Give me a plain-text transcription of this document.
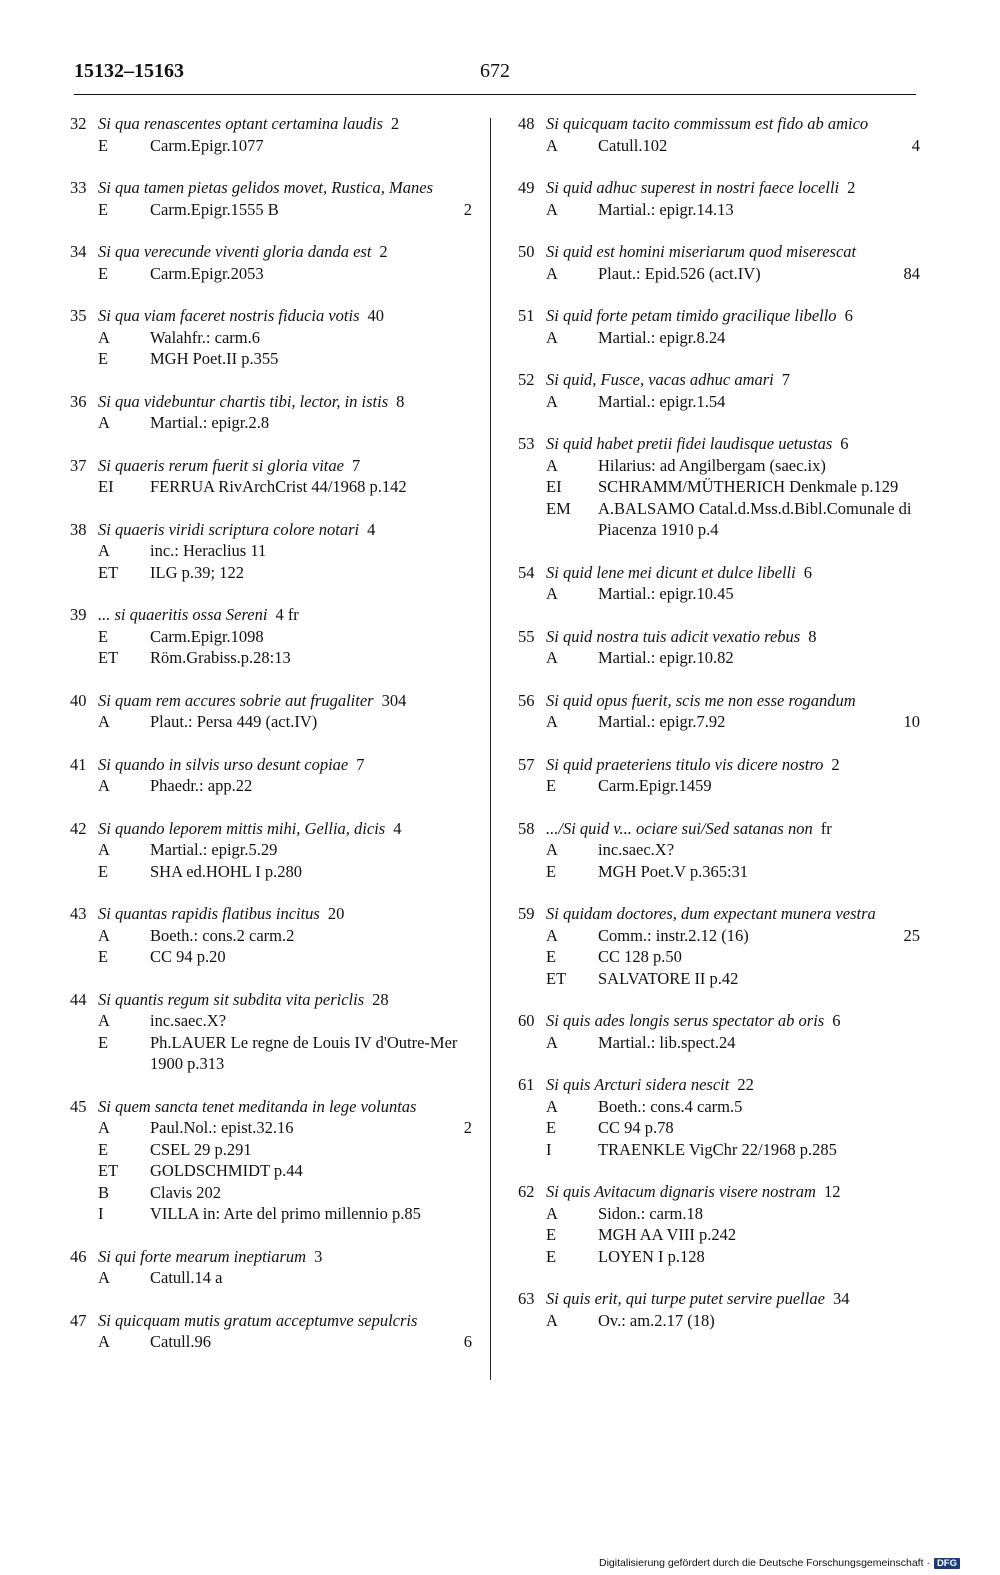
15132–15163	672
32 Si qua renascentes optant certamina laudis 2
E	Carm.Epigr.1077
33 Si qua tamen pietas gelidos movet, Rustica, Manes
E	Carm.Epigr.1555 B	2
34 Si qua verecunde viventi gloria danda est 2
E	Carm.Epigr.2053
35 Si qua viam faceret nostris fiducia votis 40
A	Walahfr.: carm.6
E	MGH Poet.II p.355
36 Si qua videbuntur chartis tibi, lector, in istis 8
A	Martial.: epigr.2.8
37 Si quaeris rerum fuerit si gloria vitae 7
EI	FERRUA RivArchCrist 44/1968 p.142
38 Si quaeris viridi scriptura colore notari 4
A	inc.: Heraclius 11
ET	ILG p.39; 122
39 ... si quaeritis ossa Sereni 4 fr
E	Carm.Epigr.1098
ET	Röm.Grabiss.p.28:13
40 Si quam rem accures sobrie aut frugaliter 304
A	Plaut.: Persa 449 (act.IV)
41 Si quando in silvis urso desunt copiae 7
A	Phaedr.: app.22
42 Si quando leporem mittis mihi, Gellia, dicis 4
A	Martial.: epigr.5.29
E	SHA ed.HOHL I p.280
43 Si quantas rapidis flatibus incitus 20
A	Boeth.: cons.2 carm.2
E	CC 94 p.20
44 Si quantis regum sit subdita vita periclis 28
A	inc.saec.X?
E	Ph.LAUER Le regne de Louis IV d'Outre-Mer 1900 p.313
45 Si quem sancta tenet meditanda in lege voluntas
A	Paul.Nol.: epist.32.16	2
E	CSEL 29 p.291
ET	GOLDSCHMIDT p.44
B	Clavis 202
I	VILLA in: Arte del primo millennio p.85
46 Si qui forte mearum ineptiarum 3
A	Catull.14 a
47 Si quicquam mutis gratum acceptumve sepulcris
A	Catull.96	6
48 Si quicquam tacito commissum est fido ab amico
A	Catull.102	4
49 Si quid adhuc superest in nostri faece locelli 2
A	Martial.: epigr.14.13
50 Si quid est homini miseriarum quod miserescat
A	Plaut.: Epid.526 (act.IV)	84
51 Si quid forte petam timido gracilique libello 6
A	Martial.: epigr.8.24
52 Si quid, Fusce, vacas adhuc amari 7
A	Martial.: epigr.1.54
53 Si quid habet pretii fidei laudisque uetustas 6
A	Hilarius: ad Angilbergam (saec.ix)
EI	SCHRAMM/MÜTHERICH Denkmale p.129
EM	A.BALSAMO Catal.d.Mss.d.Bibl.Comunale di Piacenza 1910 p.4
54 Si quid lene mei dicunt et dulce libelli 6
A	Martial.: epigr.10.45
55 Si quid nostra tuis adicit vexatio rebus 8
A	Martial.: epigr.10.82
56 Si quid opus fuerit, scis me non esse rogandum
A	Martial.: epigr.7.92	10
57 Si quid praeteriens titulo vis dicere nostro 2
E	Carm.Epigr.1459
58 .../Si quid v... ociare sui/Sed satanas non fr
A	inc.saec.X?
E	MGH Poet.V p.365:31
59 Si quidam doctores, dum expectant munera vestra
A	Comm.: instr.2.12 (16)	25
E	CC 128 p.50
ET	SALVATORE II p.42
60 Si quis ades longis serus spectator ab oris 6
A	Martial.: lib.spect.24
61 Si quis Arcturi sidera nescit 22
A	Boeth.: cons.4 carm.5
E	CC 94 p.78
I	TRAENKLE VigChr 22/1968 p.285
62 Si quis Avitacum dignaris visere nostram 12
A	Sidon.: carm.18
E	MGH AA VIII p.242
E	LOYEN I p.128
63 Si quis erit, qui turpe putet servire puellae 34
A	Ov.: am.2.17 (18)
Digitalisierung gefördert durch die Deutsche Forschungsgemeinschaft · DFG
